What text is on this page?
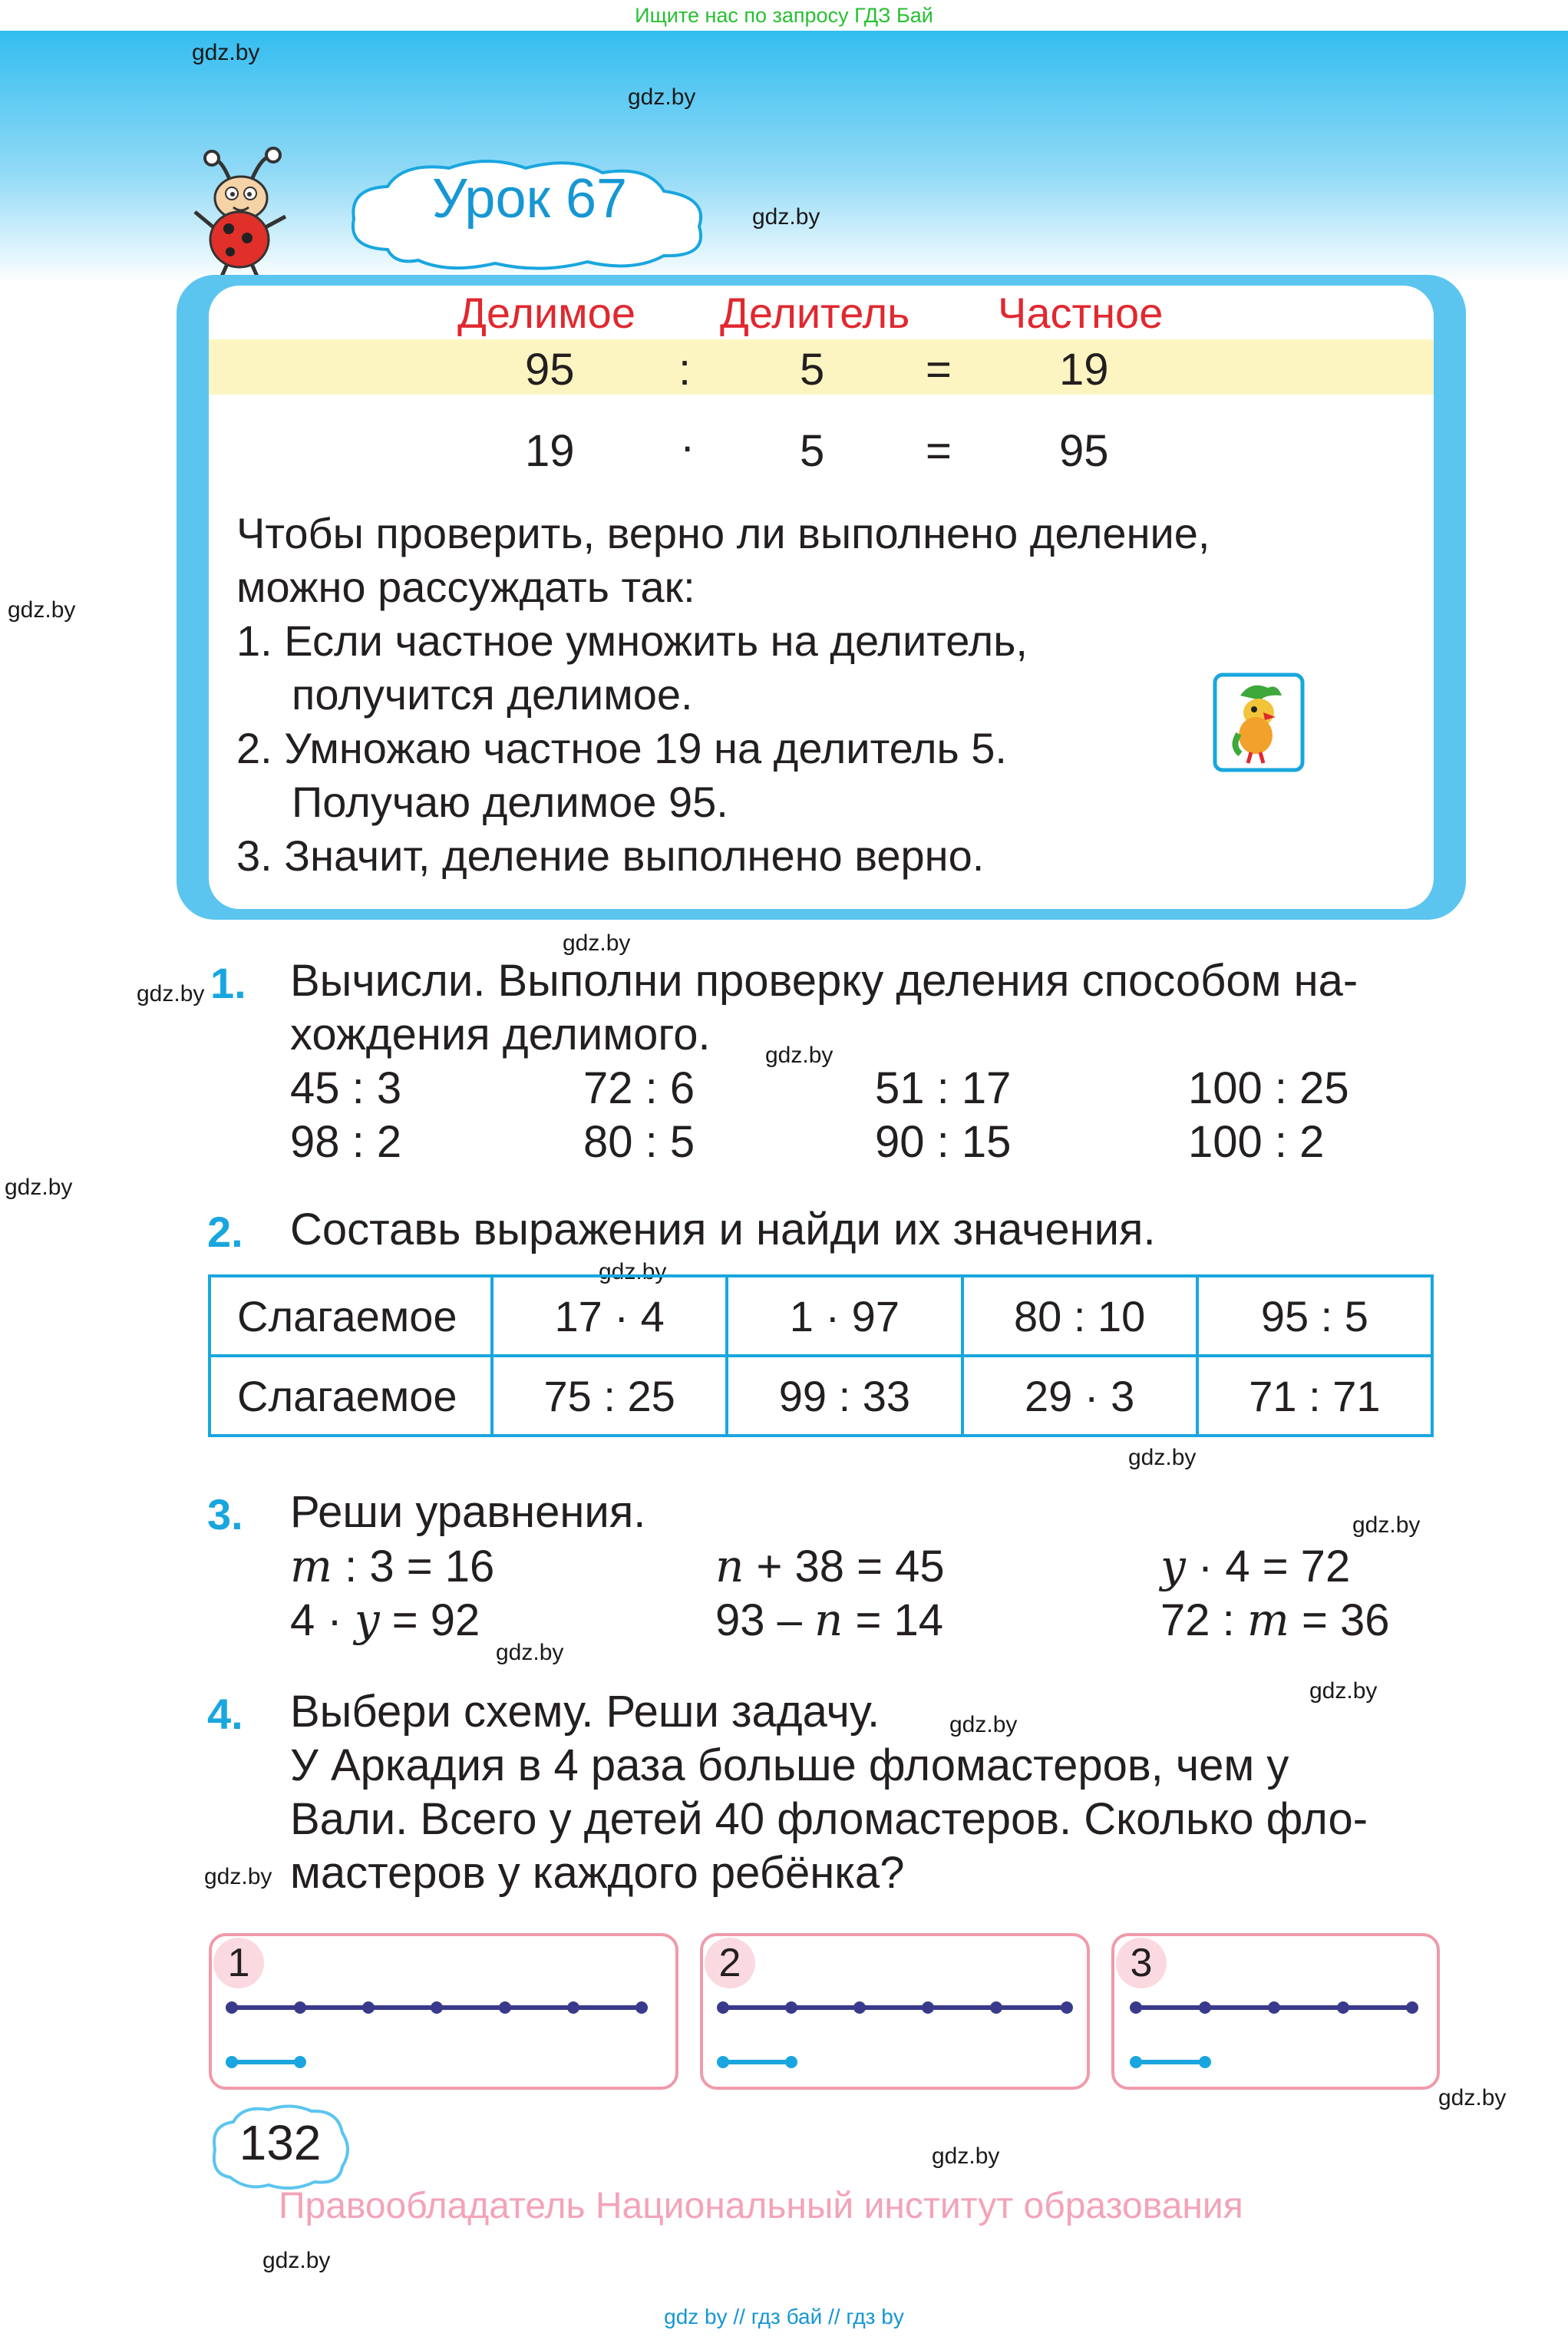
Ищите нас по запросу ГДЗ Бай
gdz.by
gdz.by
gdz.by
gdz.by
gdz.by
gdz.by
gdz.by
gdz.by
gdz.by
gdz.by
gdz.by
gdz.by
gdz.by
gdz.by
gdz.by
gdz.by
gdz.by
gdz.by
Урок 67
Делимое Делитель Частное
95 : 5 = 19
19 · 5 = 95
Чтобы проверить, верно ли выполнено деление,
можно рассуждать так:
1. Если частное умножить на делитель,
получится делимое.
2. Умножаю частное 19 на делитель 5.
Получаю делимое 95.
3. Значит, деление выполнено верно.
1. Вычисли. Выполни проверку деления способом на-
хождения делимого.
45 : 3	72 : 6	51 : 17	100 : 25
98 : 2	80 : 5	90 : 15	100 : 2
2. Составь выражения и найди их значения.
Слагаемое	17 · 4	1 · 97	80 : 10	95 : 5
Слагаемое	75 : 25	99 : 33	29 · 3	71 : 71
3. Реши уравнения.
m : 3 = 16	n + 38 = 45	y · 4 = 72
4 · y = 92	93 – n = 14	72 : m = 36
4. Выбери схему. Реши задачу.
У Аркадия в 4 раза больше фломастеров, чем у
Вали. Всего у детей 40 фломастеров. Сколько фло-
мастеров у каждого ребёнка?
1	2	3
132
Правообладатель Национальный институт образования
gdz by // гдз бай // гдз by
